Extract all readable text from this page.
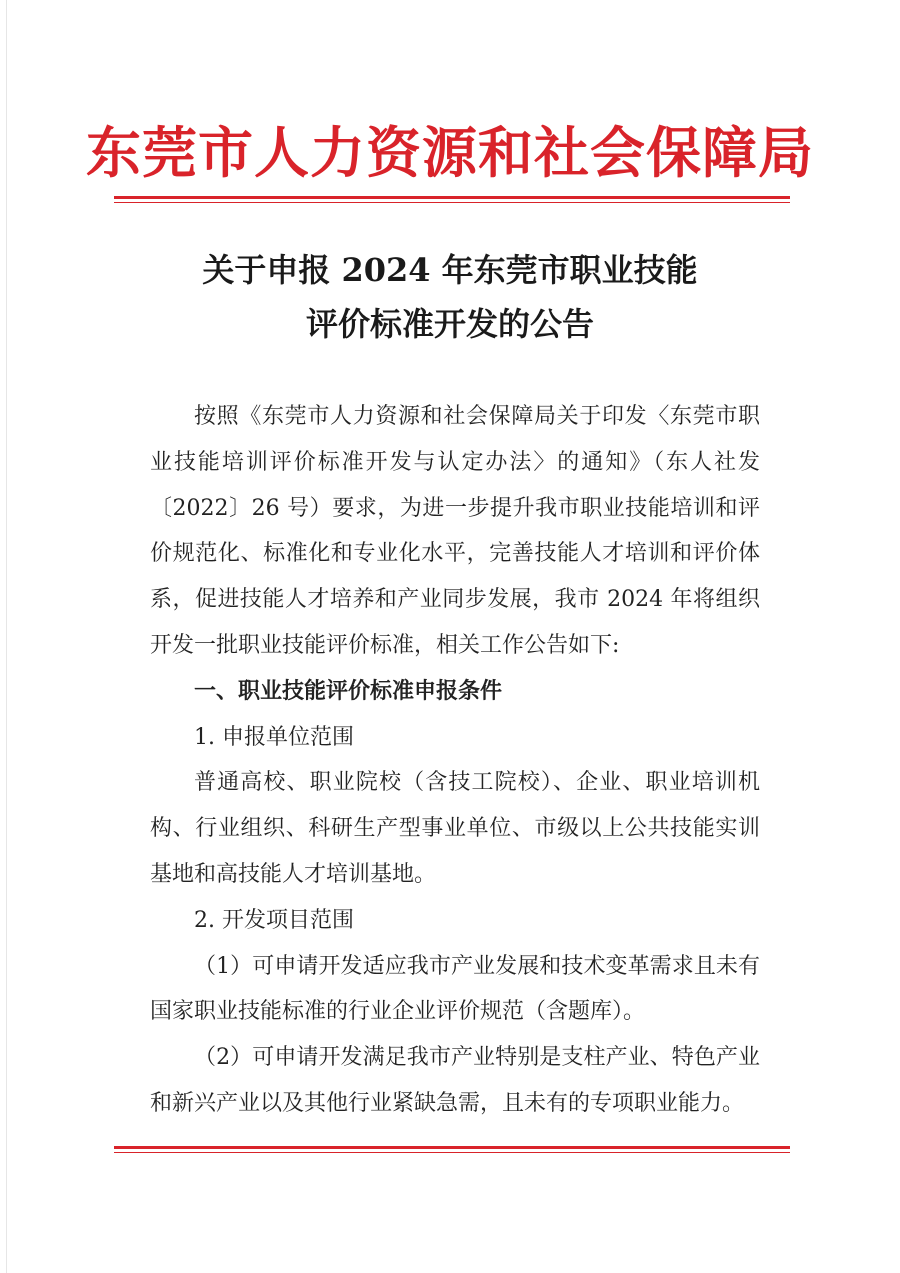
东莞市人力资源和社会保障局
关于申报 2024 年东莞市职业技能
评价标准开发的公告

按照《东莞市人力资源和社会保障局关于印发〈东莞市职业技能培训评价标准开发与认定办法〉的通知》（东人社发〔2022〕26 号）要求，为进一步提升我市职业技能培训和评价规范化、标准化和专业化水平，完善技能人才培训和评价体系，促进技能人才培养和产业同步发展，我市 2024 年将组织开发一批职业技能评价标准，相关工作公告如下:

一、职业技能评价标准申报条件

1. 申报单位范围

普通高校、职业院校（含技工院校）、企业、职业培训机构、行业组织、科研生产型事业单位、市级以上公共技能实训基地和高技能人才培训基地。

2. 开发项目范围

（1）可申请开发适应我市产业发展和技术变革需求且未有国家职业技能标准的行业企业评价规范（含题库）。

（2）可申请开发满足我市产业特别是支柱产业、特色产业和新兴产业以及其他行业紧缺急需，且未有的专项职业能力。
